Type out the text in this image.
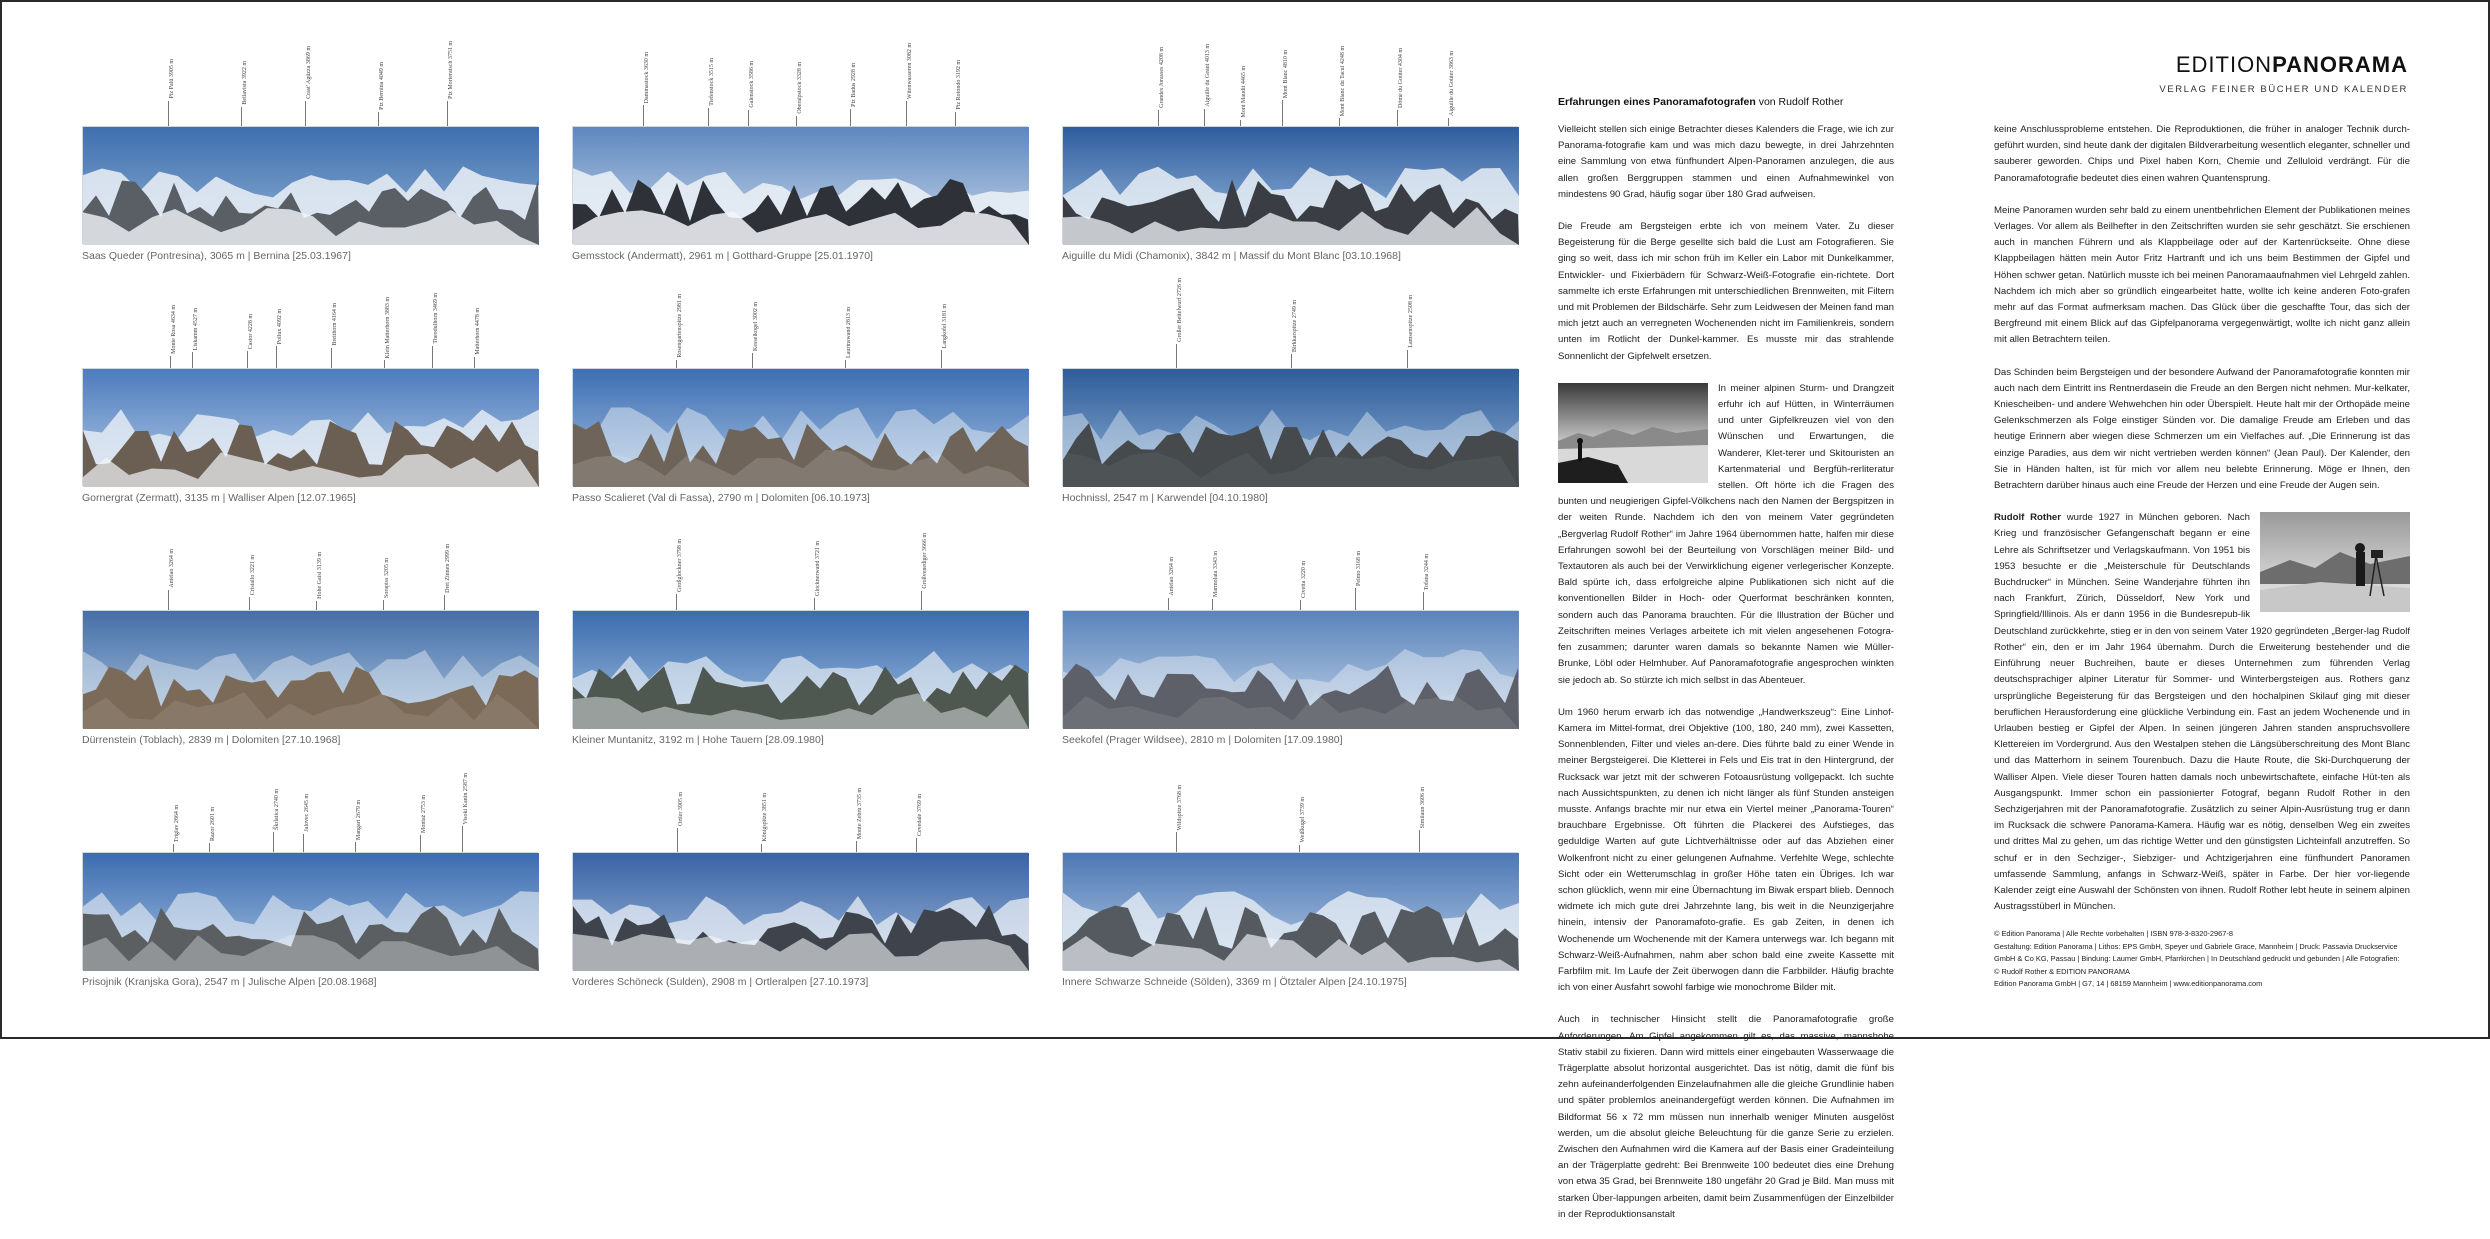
Piz Palü 3905 m	Bellavista 3922 m	Crast' Agüzza 3869 m	Piz Bernina 4049 m	Piz Morteratsch 3751 m
Saas Queder (Pontresina), 3065 m | Bernina [25.03.1967]
Dammastock 3630 m	Tiefenstock 3515 m	Galenstock 3586 m	Oberalpstock 3328 m	Piz Badus 2928 m	Witenwasseren 3082 m	Piz Rotondo 3192 m
Gemsstock (Andermatt), 2961 m | Gotthard-Gruppe [25.01.1970]
Grandes Jorasses 4208 m	Aiguille du Géant 4013 m	Mont Maudit 4465 m	Mont Blanc 4810 m	Mont Blanc du Tacul 4248 m	Dôme du Goûter 4304 m	Aiguille du Goûter 3863 m
Aiguille du Midi (Chamonix), 3842 m | Massif du Mont Blanc [03.10.1968]
Monte Rosa 4634 m	Liskamm 4527 m	Castor 4228 m	Pollux 4092 m	Breithorn 4164 m	Klein Matterhorn 3883 m	Theodulhorn 3469 m	Matterhorn 4478 m
Gornergrat (Zermatt), 3135 m | Walliser Alpen [12.07.1965]
Rosengartenspitze 2981 m	Kesselkogel 3002 m	Laurinswand 2813 m	Langkofel 3181 m
Passo Scalieret (Val di Fassa), 2790 m | Dolomiten [06.10.1973]
Großer Bettelwurf 2726 m	Birkkarspitze 2749 m	Lamsenspitze 2508 m
Hochnissl, 2547 m | Karwendel [04.10.1980]
Antelao 3264 m	Cristallo 3221 m	Hohe Gaisl 3139 m	Sorapiss 3205 m	Drei Zinnen 2999 m
Dürrenstein (Toblach), 2839 m | Dolomiten [27.10.1968]
Großglockner 3798 m	Glocknerwand 3721 m	Großvenediger 3666 m
Kleiner Muntanitz, 3192 m | Hohe Tauern [28.09.1980]
Antelao 3264 m	Marmolata 3343 m	Civetta 3220 m	Pelmo 3168 m	Tofana 3244 m
Seekofel (Prager Wildsee), 2810 m | Dolomiten [17.09.1980]
Triglav 2864 m	Razor 2601 m	Škrlatica 2740 m	Jalovec 2645 m	Mangart 2679 m	Montaž 2753 m	Visoki Kanin 2587 m
Prisojnik (Kranjska Gora), 2547 m | Julische Alpen [20.08.1968]
Ortler 3905 m	Königspitze 3851 m	Monte Zebrù 3735 m	Cevedale 3769 m
Vorderes Schöneck (Sulden), 2908 m | Ortleralpen [27.10.1973]
Wildspitze 3768 m	Weißkugel 3739 m	Similaun 3606 m
Innere Schwarze Schneide (Sölden), 3369 m | Ötztaler Alpen [24.10.1975]
EDITIONPANORAMA
VERLAG FEINER BÜCHER UND KALENDER
Erfahrungen eines Panoramafotografen von Rudolf Rother

Vielleicht stellen sich einige Betrachter dieses Kalenders die Frage, wie ich zur Panorama-fotografie kam und was mich dazu bewegte, in drei Jahrzehnten eine Sammlung von etwa fünfhundert Alpen-Panoramen anzulegen, die aus allen großen Berggruppen stammen und einen Aufnahmewinkel von mindestens 90 Grad, häufig sogar über 180 Grad aufweisen.

Die Freude am Bergsteigen erbte ich von meinem Vater. Zu dieser Begeisterung für die Berge gesellte sich bald die Lust am Fotografieren. Sie ging so weit, dass ich mir schon früh im Keller ein Labor mit Dunkelkammer, Entwickler- und Fixierbädern für Schwarz-Weiß-Fotografie ein-richtete. Dort sammelte ich erste Erfahrungen mit unterschiedlichen Brennweiten, mit Filtern und mit Problemen der Bildschärfe. Sehr zum Leidwesen der Meinen fand man mich jetzt auch an verregneten Wochenenden nicht im Familienkreis, sondern unten im Rotlicht der Dunkel-kammer. Es musste mir das strahlende Sonnenlicht der Gipfelwelt ersetzen.

In meiner alpinen Sturm- und Drangzeit erfuhr ich auf Hütten, in Winterräumen und unter Gipfelkreuzen viel von den Wünschen und Erwartungen, die Wanderer, Klet-terer und Skitouristen an Kartenmaterial und Bergfüh-rerliteratur stellen. Oft hörte ich die Fragen des bunten und neugierigen Gipfel-Völkchens nach den Namen der Bergspitzen in der weiten Runde. Nachdem ich den von meinem Vater gegründeten „Bergverlag Rudolf Rother“ im Jahre 1964 übernommen hatte, halfen mir diese Erfahrungen sowohl bei der Beurteilung von Vorschlägen meiner Bild- und Textautoren als auch bei der Verwirklichung eigener verlegerischer Konzepte. Bald spürte ich, dass erfolgreiche alpine Publikationen sich nicht auf die konventionellen Bilder in Hoch- oder Querformat beschränken konnten, sondern auch das Panorama brauchten. Für die Illustration der Bücher und Zeitschriften meines Verlages arbeitete ich mit vielen angesehenen Fotogra-fen zusammen; darunter waren damals so bekannte Namen wie Müller-Brunke, Löbl oder Helmhuber. Auf Panoramafotografie angesprochen winkten sie jedoch ab. So stürzte ich mich selbst in das Abenteuer.

Um 1960 herum erwarb ich das notwendige „Handwerkszeug“: Eine Linhof-Kamera im Mittel-format, drei Objektive (100, 180, 240 mm), zwei Kassetten, Sonnenblenden, Filter und vieles an-dere. Dies führte bald zu einer Wende in meiner Bergsteigerei. Die Kletterei in Fels und Eis trat in den Hintergrund, der Rucksack war jetzt mit der schweren Fotoausrüstung vollgepackt. Ich suchte nach Aussichtspunkten, zu denen ich nicht länger als fünf Stunden ansteigen musste. Anfangs brachte mir nur etwa ein Viertel meiner „Panorama-Touren“ brauchbare Ergebnisse. Oft führten die Plackerei des Aufstieges, das geduldige Warten auf gute Lichtverhältnisse oder auf das Abziehen einer Wolkenfront nicht zu einer gelungenen Aufnahme. Verfehlte Wege, schlechte Sicht oder ein Wetterumschlag in großer Höhe taten ein Übriges. Ich war schon glücklich, wenn mir eine Übernachtung im Biwak erspart blieb. Dennoch widmete ich mich gute drei Jahrzehnte lang, bis weit in die Neunzigerjahre hinein, intensiv der Panoramafoto-grafie. Es gab Zeiten, in denen ich Wochenende um Wochenende mit der Kamera unterwegs war. Ich begann mit Schwarz-Weiß-Aufnahmen, nahm aber schon bald eine zweite Kassette mit Farbfilm mit. Im Laufe der Zeit überwogen dann die Farbbilder. Häufig brachte ich von einer Ausfahrt sowohl farbige wie monochrome Bilder mit.

Auch in technischer Hinsicht stellt die Panoramafotografie große Anforderungen. Am Gipfel angekommen gilt es, das massive, mannshohe Stativ stabil zu fixieren. Dann wird mittels einer eingebauten Wasserwaage die Trägerplatte absolut horizontal ausgerichtet. Das ist nötig, damit die fünf bis zehn aufeinanderfolgenden Einzelaufnahmen alle die gleiche Grundlinie haben und später problemlos aneinandergefügt werden können. Die Aufnahmen im Bildformat 56 x 72 mm müssen nun innerhalb weniger Minuten ausgelöst werden, um die absolut gleiche Beleuchtung für die ganze Serie zu erzielen. Zwischen den Aufnahmen wird die Kamera auf der Basis einer Gradeinteilung an der Trägerplatte gedreht: Bei Brennweite 100 bedeutet dies eine Drehung von etwa 35 Grad, bei Brennweite 180 ungefähr 20 Grad je Bild. Man muss mit starken Über-lappungen arbeiten, damit beim Zusammenfügen der Einzelbilder in der Reproduktionsanstalt

keine Anschlussprobleme entstehen. Die Reproduktionen, die früher in analoger Technik durch-geführt wurden, sind heute dank der digitalen Bildverarbeitung wesentlich eleganter, schneller und sauberer geworden. Chips und Pixel haben Korn, Chemie und Zelluloid verdrängt. Für die Panoramafotografie bedeutet dies einen wahren Quantensprung.

Meine Panoramen wurden sehr bald zu einem unentbehrlichen Element der Publikationen meines Verlages. Vor allem als Beilhefter in den Zeitschriften wurden sie sehr geschätzt. Sie erschienen auch in manchen Führern und als Klappbeilage oder auf der Kartenrückseite. Ohne diese Klappbeilagen hätten mein Autor Fritz Hartranft und ich uns beim Bestimmen der Gipfel und Höhen schwer getan. Natürlich musste ich bei meinen Panoramaaufnahmen viel Lehrgeld zahlen. Nachdem ich mich aber so gründlich eingearbeitet hatte, wollte ich keine anderen Foto-grafen mehr auf das Format aufmerksam machen. Das Glück über die geschaffte Tour, das sich der Bergfreund mit einem Blick auf das Gipfelpanorama vergegenwärtigt, wollte ich nicht ganz allein mit allen Betrachtern teilen.

Das Schinden beim Bergsteigen und der besondere Aufwand der Panoramafotografie konnten mir auch nach dem Eintritt ins Rentnerdasein die Freude an den Bergen nicht nehmen. Mur-kelkater, Kniescheiben- und andere Wehwehchen hin oder Überspielt. Heute halt mir der Orthopäde meine Gelenkschmerzen als Folge einstiger Sünden vor. Die damalige Freude am Erleben und das heutige Erinnern aber wiegen diese Schmerzen um ein Vielfaches auf. „Die Erinnerung ist das einzige Paradies, aus dem wir nicht vertrieben werden können“ (Jean Paul). Der Kalender, den Sie in Händen halten, ist für mich vor allem neu belebte Erinnerung. Möge er Ihnen, den Betrachtern darüber hinaus auch eine Freude der Herzen und eine Freude der Augen sein.

Rudolf Rother wurde 1927 in München geboren. Nach Krieg und französischer Gefangenschaft begann er eine Lehre als Schriftsetzer und Verlagskaufmann. Von 1951 bis 1953 besuchte er die „Meisterschule für Deutschlands Buchdrucker“ in München. Seine Wanderjahre führten ihn nach Frankfurt, Zürich, Düsseldorf, New York und Springfield/Illinois. Als er dann 1956 in die Bundesrepub-lik Deutschland zurückkehrte, stieg er in den von seinem Vater 1920 gegründeten „Berger-lag Rudolf Rother“ ein, den er im Jahr 1964 übernahm. Durch die Erweiterung bestehender und die Einführung neuer Buchreihen, baute er dieses Unternehmen zum führenden Verlag deutschsprachiger alpiner Literatur für Sommer- und Winterbergsteigen aus. Rothers ganz ursprüngliche Begeisterung für das Bergsteigen und den hochalpinen Skilauf ging mit dieser beruflichen Herausforderung eine glückliche Verbindung ein. Fast an jedem Wochenende und in Urlauben bestieg er Gipfel der Alpen. In seinen jüngeren Jahren standen anspruchsvollere Klettereien im Vordergrund. Aus den Westalpen stehen die Längsüberschreitung des Mont Blanc und das Matterhorn in seinem Tourenbuch. Dazu die Haute Route, die Ski-Durchquerung der Walliser Alpen. Viele dieser Touren hatten damals noch unbewirtschaftete, einfache Hüt-ten als Ausgangspunkt. Immer schon ein passionierter Fotograf, begann Rudolf Rother in den Sechzigerjahren mit der Panoramafotografie. Zusätzlich zu seiner Alpin-Ausrüstung trug er dann im Rucksack die schwere Panorama-Kamera. Häufig war es nötig, denselben Weg ein zweites und drittes Mal zu gehen, um das richtige Wetter und den günstigsten Lichteinfall anzutreffen. So schuf er in den Sechziger-, Siebziger- und Achtzigerjahren eine fünfhundert Panoramen umfassende Sammlung, anfangs in Schwarz-Weiß, später in Farbe. Der hier vor-liegende Kalender zeigt eine Auswahl der Schönsten von ihnen. Rudolf Rother lebt heute in seinem alpinen Austragsstüberl in München.

© Edition Panorama | Alle Rechte vorbehalten | ISBN 978-3-8320-2967-8
Gestaltung: Edition Panorama | Lithos: EPS GmbH, Speyer und Gabriele Grace, Mannheim | Druck: Passavia Druckservice
GmbH & Co KG, Passau | Bindung: Laumer GmbH, Pfarrkirchen | In Deutschland gedruckt und gebunden | Alle Fotografien:
© Rudolf Rother & EDITION PANORAMA
Edition Panorama GmbH | G7, 14 | 68159 Mannheim | www.editionpanorama.com
